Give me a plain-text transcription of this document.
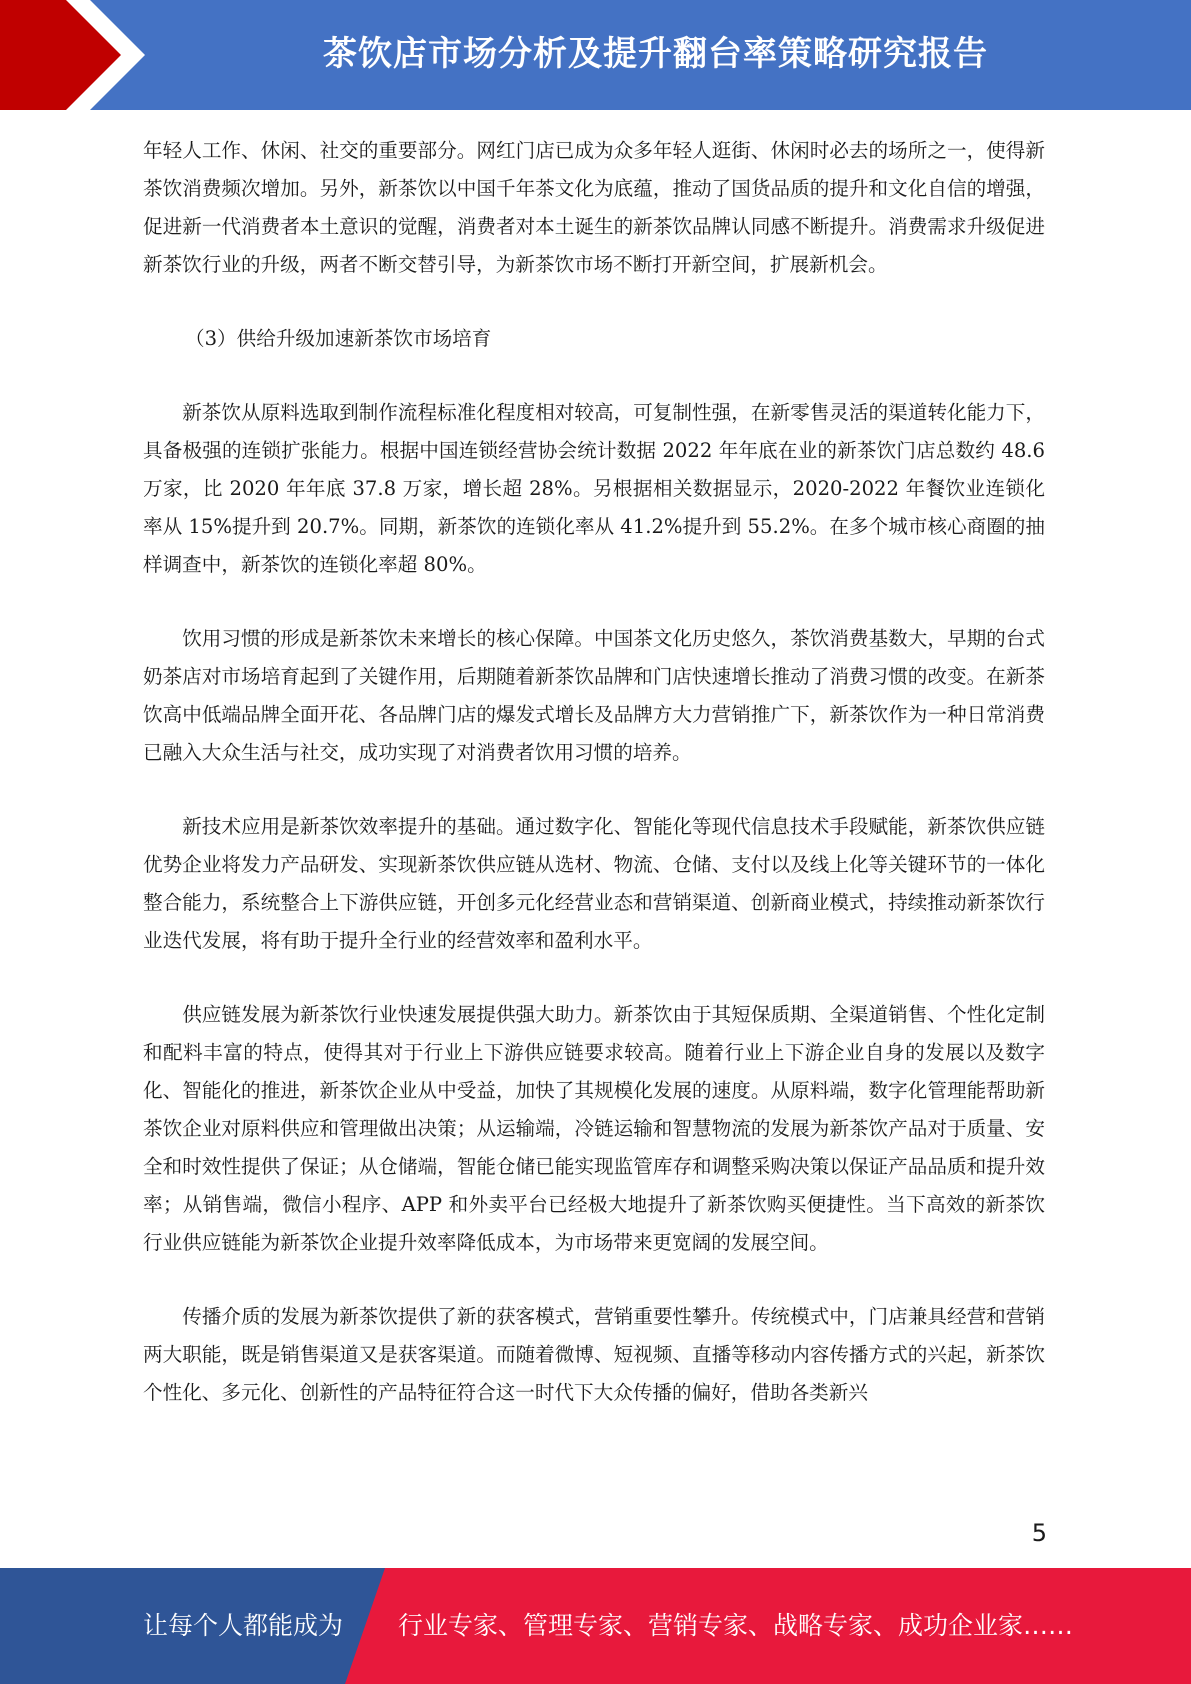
茶饮店市场分析及提升翻台率策略研究报告

年轻人工作、休闲、社交的重要部分。网红门店已成为众多年轻人逛街、休闲时必去的场所之一，使得新茶饮消费频次增加。另外，新茶饮以中国千年茶文化为底蕴，推动了国货品质的提升和文化自信的增强，促进新一代消费者本土意识的觉醒，消费者对本土诞生的新茶饮品牌认同感不断提升。消费需求升级促进新茶饮行业的升级，两者不断交替引导，为新茶饮市场不断打开新空间，扩展新机会。

（3）供给升级加速新茶饮市场培育

新茶饮从原料选取到制作流程标准化程度相对较高，可复制性强，在新零售灵活的渠道转化能力下，具备极强的连锁扩张能力。根据中国连锁经营协会统计数据 2022 年年底在业的新茶饮门店总数约 48.6 万家，比 2020 年年底 37.8 万家，增长超 28%。另根据相关数据显示，2020-2022 年餐饮业连锁化率从 15%提升到 20.7%。同期，新茶饮的连锁化率从 41.2%提升到 55.2%。在多个城市核心商圈的抽样调查中，新茶饮的连锁化率超 80%。

饮用习惯的形成是新茶饮未来增长的核心保障。中国茶文化历史悠久，茶饮消费基数大，早期的台式奶茶店对市场培育起到了关键作用，后期随着新茶饮品牌和门店快速增长推动了消费习惯的改变。在新茶饮高中低端品牌全面开花、各品牌门店的爆发式增长及品牌方大力营销推广下，新茶饮作为一种日常消费已融入大众生活与社交，成功实现了对消费者饮用习惯的培养。

新技术应用是新茶饮效率提升的基础。通过数字化、智能化等现代信息技术手段赋能，新茶饮供应链优势企业将发力产品研发、实现新茶饮供应链从选材、物流、仓储、支付以及线上化等关键环节的一体化整合能力，系统整合上下游供应链，开创多元化经营业态和营销渠道、创新商业模式，持续推动新茶饮行业迭代发展，将有助于提升全行业的经营效率和盈利水平。

供应链发展为新茶饮行业快速发展提供强大助力。新茶饮由于其短保质期、全渠道销售、个性化定制和配料丰富的特点，使得其对于行业上下游供应链要求较高。随着行业上下游企业自身的发展以及数字化、智能化的推进，新茶饮企业从中受益，加快了其规模化发展的速度。从原料端，数字化管理能帮助新茶饮企业对原料供应和管理做出决策；从运输端，冷链运输和智慧物流的发展为新茶饮产品对于质量、安全和时效性提供了保证；从仓储端，智能仓储已能实现监管库存和调整采购决策以保证产品品质和提升效率；从销售端，微信小程序、APP 和外卖平台已经极大地提升了新茶饮购买便捷性。当下高效的新茶饮行业供应链能为新茶饮企业提升效率降低成本，为市场带来更宽阔的发展空间。

传播介质的发展为新茶饮提供了新的获客模式，营销重要性攀升。传统模式中，门店兼具经营和营销两大职能，既是销售渠道又是获客渠道。而随着微博、短视频、直播等移动内容传播方式的兴起，新茶饮个性化、多元化、创新性的产品特征符合这一时代下大众传播的偏好，借助各类新兴

5
让每个人都能成为 行业专家、管理专家、营销专家、战略专家、成功企业家……
